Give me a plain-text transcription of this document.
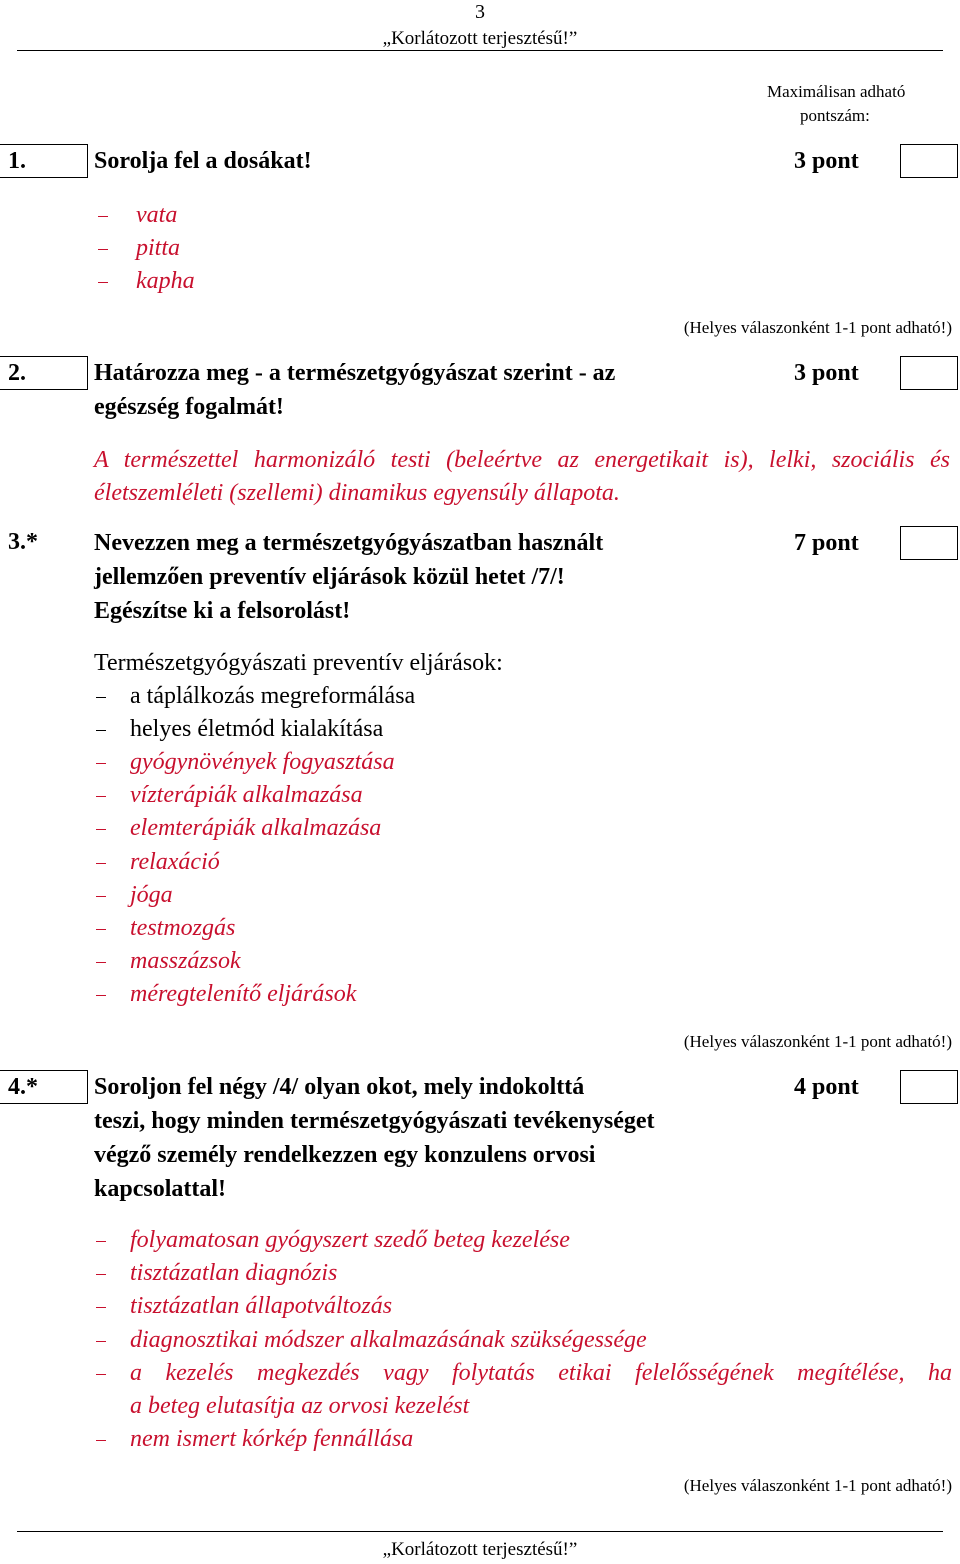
3
„Korlátozott terjesztésű!”
Maximálisan adható
pontszám:
1.	Sorolja fel a dosákat!	3 pont
vata
pitta
kapha
(Helyes válaszonként 1-1 pont adható!)
2.	Határozza meg - a természetgyógyászat szerint - az
egészség fogalmát!
3 pont
A természettel harmonizáló testi (beleértve az energetikait is), lelki, szociális és életszemléleti (szellemi) dinamikus egyensúly állapota.
3.*	Nevezzen meg a természetgyógyászatban használt
jellemzően preventív eljárások közül hetet /7/!
Egészítse ki a felsorolást!
7 pont
Természetgyógyászati preventív eljárások:
a táplálkozás megreformálása
helyes életmód kialakítása
gyógynövények fogyasztása
vízterápiák alkalmazása
elemterápiák alkalmazása
relaxáció
jóga
testmozgás
masszázsok
méregtelenítő eljárások
(Helyes válaszonként 1-1 pont adható!)
4.*	Soroljon fel négy /4/ olyan okot, mely indokolttá
teszi, hogy minden természetgyógyászati tevékenységet
végző személy rendelkezzen egy konzulens orvosi
kapcsolattal!
4 pont
folyamatosan gyógyszert szedő beteg kezelése
tisztázatlan diagnózis
tisztázatlan állapotváltozás
diagnosztikai módszer alkalmazásának szükségessége
a kezelés megkezdés vagy folytatás etikai felelősségének megítélése, ha
a beteg elutasítja az orvosi kezelést
nem ismert kórkép fennállása
(Helyes válaszonként 1-1 pont adható!)
„Korlátozott terjesztésű!”
